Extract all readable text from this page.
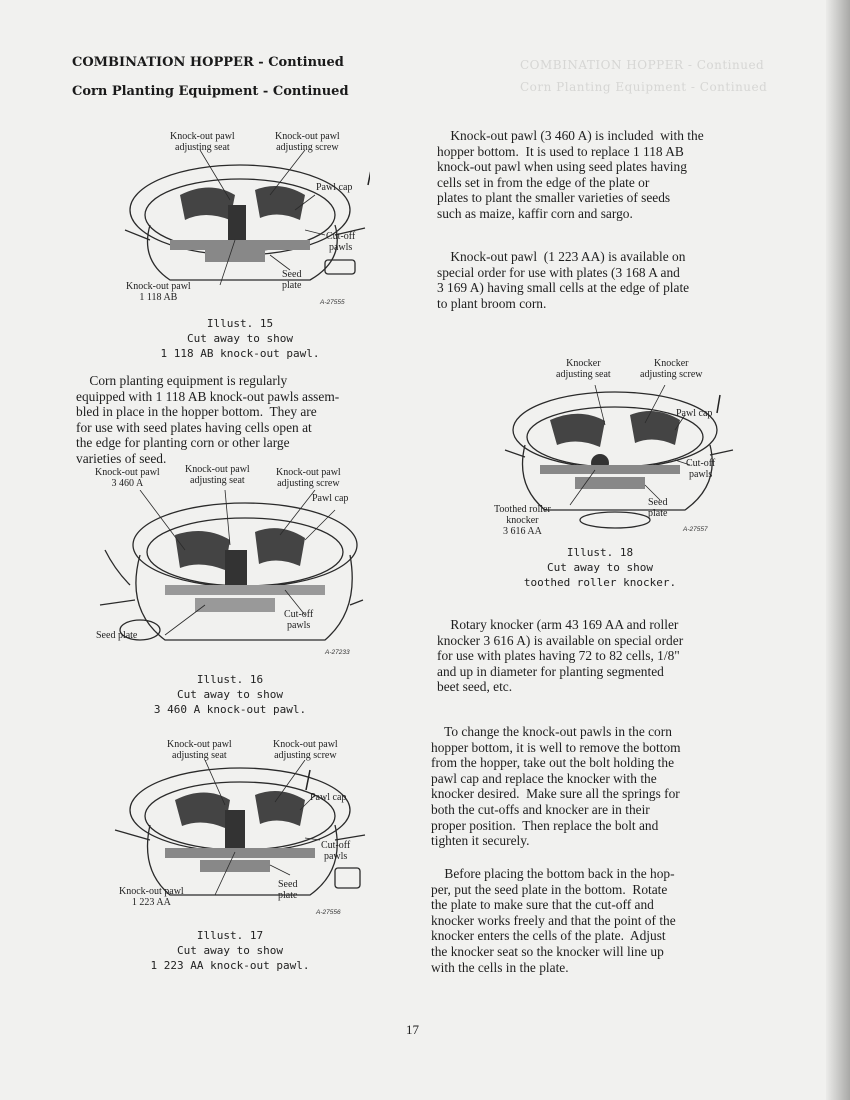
COMBINATION HOPPER - Continued
Corn Planting Equipment - Continued
COMBINATION HOPPER - Continued
Corn Planting Equipment - Continued
Knock-out pawl
adjusting seat
Knock-out pawl
adjusting screw
Pawl cap
Cut-off
pawls
Seed
plate
Knock-out pawl
1 118 AB	A-27555
Illust. 15
Cut away to show
1 118 AB knock-out pawl.
Corn planting equipment is regularly
equipped with 1 118 AB knock-out pawls assem-
bled in place in the hopper bottom.  They are
for use with seed plates having cells open at
the edge for planting corn or other large
varieties of seed.
Knock-out pawl
3 460 A
Knock-out pawl
adjusting seat
Knock-out pawl
adjusting screw
Pawl cap
Cut-off
pawls
Seed plate
A-27233
Illust. 16
Cut away to show
3 460 A knock-out pawl.
Knock-out pawl
adjusting seat
Knock-out pawl
adjusting screw
Pawl cap
Cut-off
pawls
Seed
plate
Knock-out pawl
1 223 AA
A-27556
Illust. 17
Cut away to show
1 223 AA knock-out pawl.
Knock-out pawl (3 460 A) is included  with the
hopper bottom.  It is used to replace 1 118 AB
knock-out pawl when using seed plates having
cells set in from the edge of the plate or
plates to plant the smaller varieties of seeds
such as maize, kaffir corn and sargo.
Knock-out pawl  (1 223 AA) is available on
special order for use with plates (3 168 A and
3 169 A) having small cells at the edge of plate
to plant broom corn.
Knocker
adjusting seat
Knocker
adjusting screw
Pawl cap
Cut-off
pawls
Seed
plate
Toothed roller
knocker
3 616 AA	A-27557
Illust. 18
Cut away to show
toothed roller knocker.
Rotary knocker (arm 43 169 AA and roller
knocker 3 616 A) is available on special order
for use with plates having 72 to 82 cells, 1/8"
and up in diameter for planting segmented
beet seed, etc.
To change the knock-out pawls in the corn
hopper bottom, it is well to remove the bottom
from the hopper, take out the bolt holding the
pawl cap and replace the knocker with the
knocker desired.  Make sure all the springs for
both the cut-offs and knocker are in their
proper position.  Then replace the bolt and
tighten it securely.
Before placing the bottom back in the hop-
per, put the seed plate in the bottom.  Rotate
the plate to make sure that the cut-off and
knocker works freely and that the point of the
knocker enters the cells of the plate.  Adjust
the knocker seat so the knocker will line up
with the cells in the plate.
17
